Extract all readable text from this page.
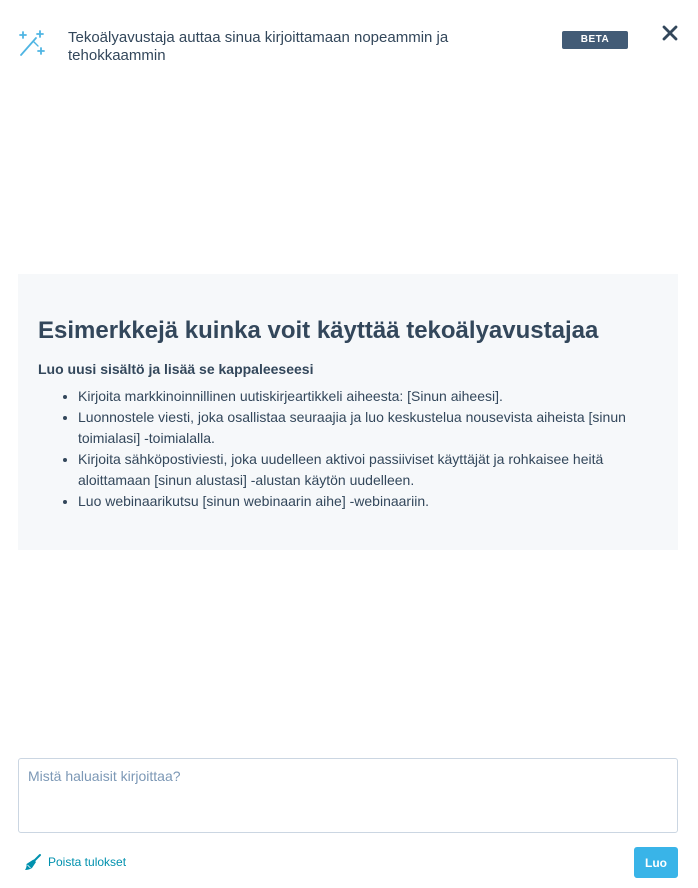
Tekoälyavustaja auttaa sinua kirjoittamaan nopeammin ja tehokkaammin
BETA
Esimerkkejä kuinka voit käyttää tekoälyavustajaa

Luo uusi sisältö ja lisää se kappaleeseesi

• Kirjoita markkinoinnillinen uutiskirjeartikkeli aiheesta: [Sinun aiheesi].
• Luonnostele viesti, joka osallistaa seuraajia ja luo keskustelua nousevista aiheista [sinun toimialasi] -toimialalla.
• Kirjoita sähköpostiviesti, joka uudelleen aktivoi passiiviset käyttäjät ja rohkaisee heitä aloittamaan [sinun alustasi] -alustan käytön uudelleen.
• Luo webinaarikutsu [sinun webinaarin aihe] -webinaariin.
Mistä haluaisit kirjoittaa?
Poista tulokset	Luo
